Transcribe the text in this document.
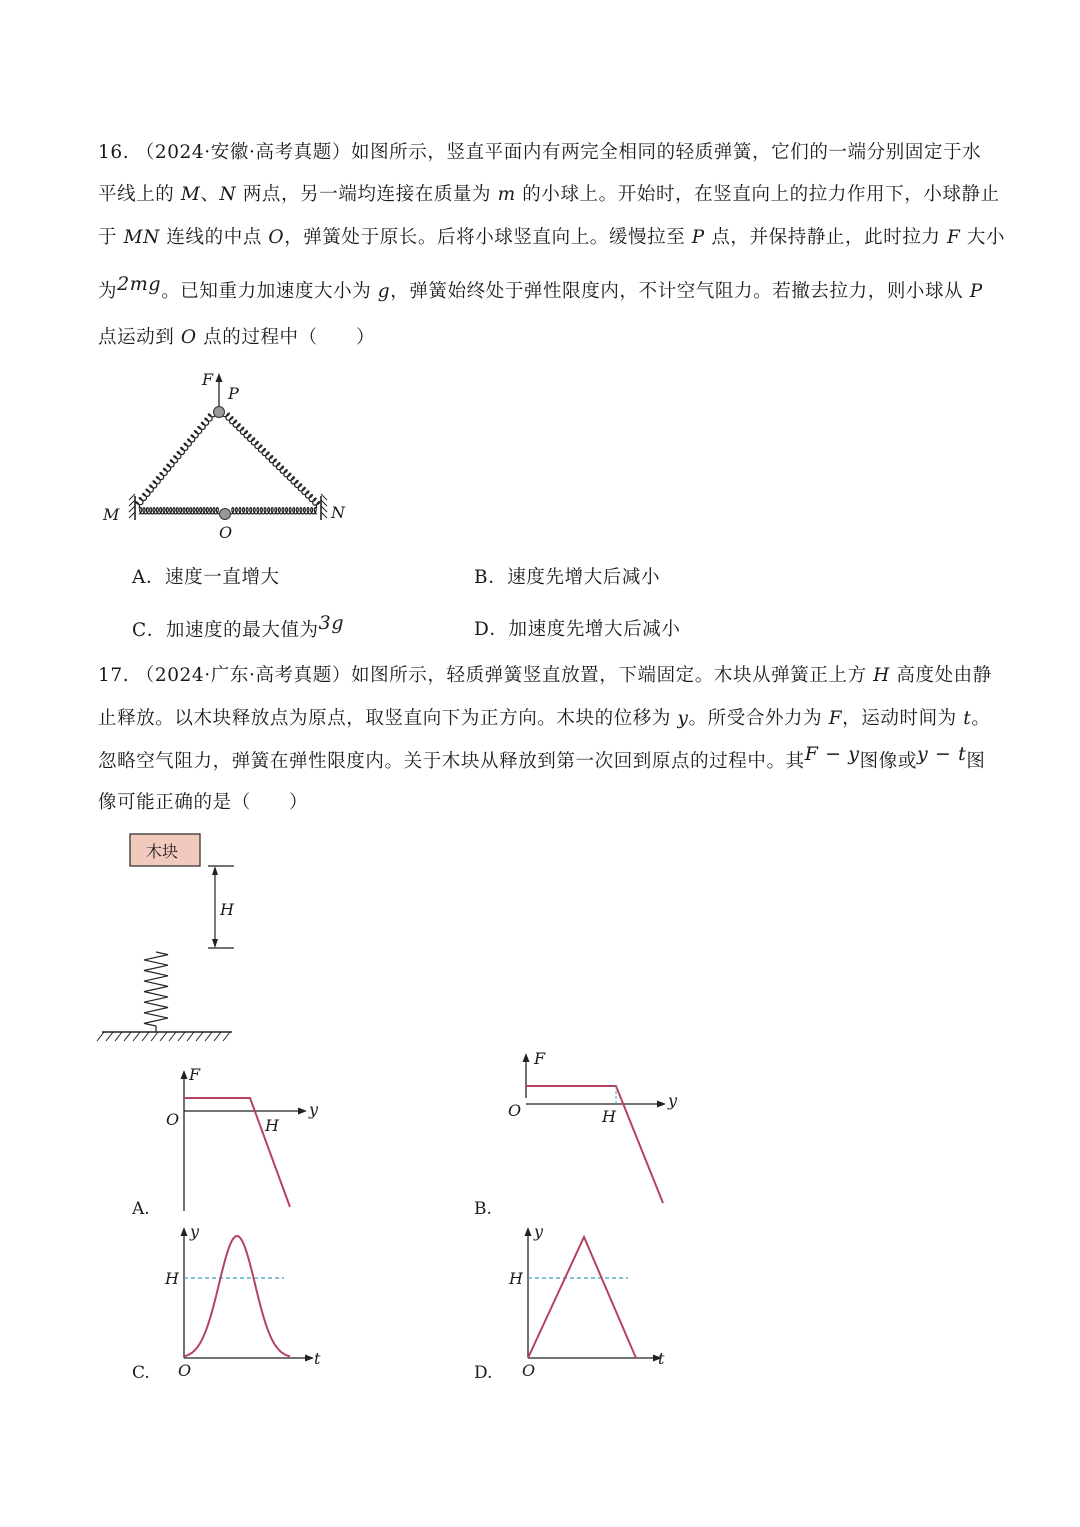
16. （2024·安徽·高考真题）如图所示，竖直平面内有两完全相同的轻质弹簧，它们的一端分别固定于水
平线上的 M、N 两点，另一端均连接在质量为 m 的小球上。开始时，在竖直向上的拉力作用下，小球静止
于 MN 连线的中点 O，弹簧处于原长。后将小球竖直向上。缓慢拉至 P 点，并保持静止，此时拉力 F 大小
为2mg。已知重力加速度大小为 g，弹簧始终处于弹性限度内，不计空气阻力。若撤去拉力，则小球从 P
点运动到 O 点的过程中（　　）
F
P
M	N
O
A．速度一直增大	B．速度先增大后减小
C．加速度的最大值为3g	D．加速度先增大后减小
17. （2024·广东·高考真题）如图所示，轻质弹簧竖直放置，下端固定。木块从弹簧正上方 H 高度处由静
止释放。以木块释放点为原点，取竖直向下为正方向。木块的位移为 y。所受合外力为 F，运动时间为 t。
忽略空气阻力，弹簧在弹性限度内。关于木块从释放到第一次回到原点的过程中。其F − y图像或y − t图
像可能正确的是（　　）
木块
H
F
y
O	H
A.
F
y
O	H
B.
y
t
O
H
C.
y
t
O
H
D.
